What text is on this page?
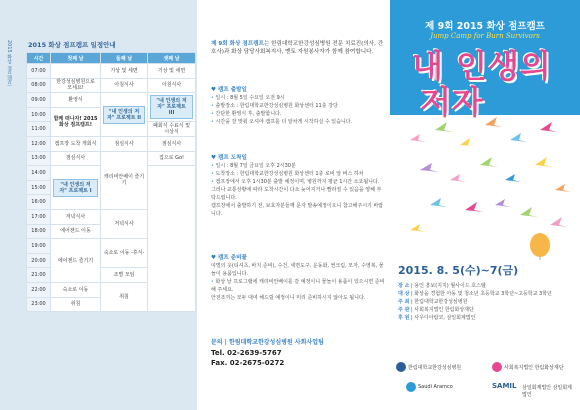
2015 화상 점프캠프 2015 화상 점프캠프 일정안내
시간	첫째 날	둘째 날	셋째 날
07:00		기상 및 세면	기상 및 세면
08:00	한강성심병원으로 모세요!	아침식사	아침식사
09:00	환영식	"내 인생의 저자" 프로젝트 II	"내 인생의 저자" 프로젝트 III
10:00	함께 떠나자! 2015 화상 점프캠프!		
11:00			폐회식 수료식 및 시상식
12:00	캠프장 도착 개회식	점심식사	점심식사
13:00	점심식사	캐리비안베이 즐기기	집으로 Go!
14:00	"내 인생의 저자" 프로젝트 I		
15:00			
16:00			
17:00	저녁식사	저녁식사	
18:00	에어젠드 이동		
19:00	에어젠드 즐기기	숙소로 이동 -휴식-	
20:00			
21:00		조별 모임	
22:00	숙소로 이동	취침	
23:00	취침		
제 9회 화상 점프캠프는 한림대학교한강성심병원 전문 치료진(의사, 간호사)과 화상 담당사회복지사, 멘토 자원봉사자가 함께 참여합니다.
♥ 캠프 출발일

• 일시 : 8월 5일 수요일 오전 9시

• 출발장소 : 한림대학교한강성심병원 화상센터 11층 강당

• 간단한 환영식 후, 출발합니다.

• 시간을 잘 맞춰 오셔야 캠프를 더 알차게 시작하실 수 있습니다.

♥ 캠프 도착일

• 일시 : 8월 7일 금요일 오후 2시30분

• 도착장소 : 한림대학교한강성심병원 화상센터 1층 로비 앞 버스 하차

• 캠프장에서 오후 1시30분 출발 예정이며, 병원까지 평균 1시간 소요됩니다.

그러나 교통상황에 따라 도착시간이 다소 늦어지거나 빨라질 수 있음을 양해 부탁드립니다.

캠프장에서 출발하기 전, 보호자분들께 문자 발송예정이오니 참고해주시기 바랍니다.

♥ 캠프 준비물

여벌의 옷(티셔츠, 바지 준비), 수건, 세면도구, 운동화, 썬크림, 모자, 수영복, 물놀이 용품입니다.

• 화상 날 프로그램에 캐리비안베이를 갈 예정이니 물놀이 용품이 있으시면 준비해 주세요.

안전조끼는 모두 대여 해드릴 예정이니 미리 준비하시지 않아도 됩니다.

문의 | 한림대학교한강성심병원 사회사업팀
Tel. 02-2639-5767
Fax. 02-2675-0272
제 9회 2015 화상 점프캠프
Jump Camp for Burn Survivors
내 인생의
저자
2015. 8. 5(수)~7(금)
장 소 | 용인 흥보(지지) 월사이드 호스텔
대 상 | 화상을 경험한 아동 및 청소년 초등학교 3학년~고등학교 3학년
주 최 | 한림대학교한강성심병원
주 관 | 사회복지법인 한림화상재단
후 원 | 사우디아람코, 삼일회계법인
한림대학교한강성심병원	사회복지법인 한림화상재단
Saudi Aramco	SAMIL 삼일회계법인 삼일회계법인
